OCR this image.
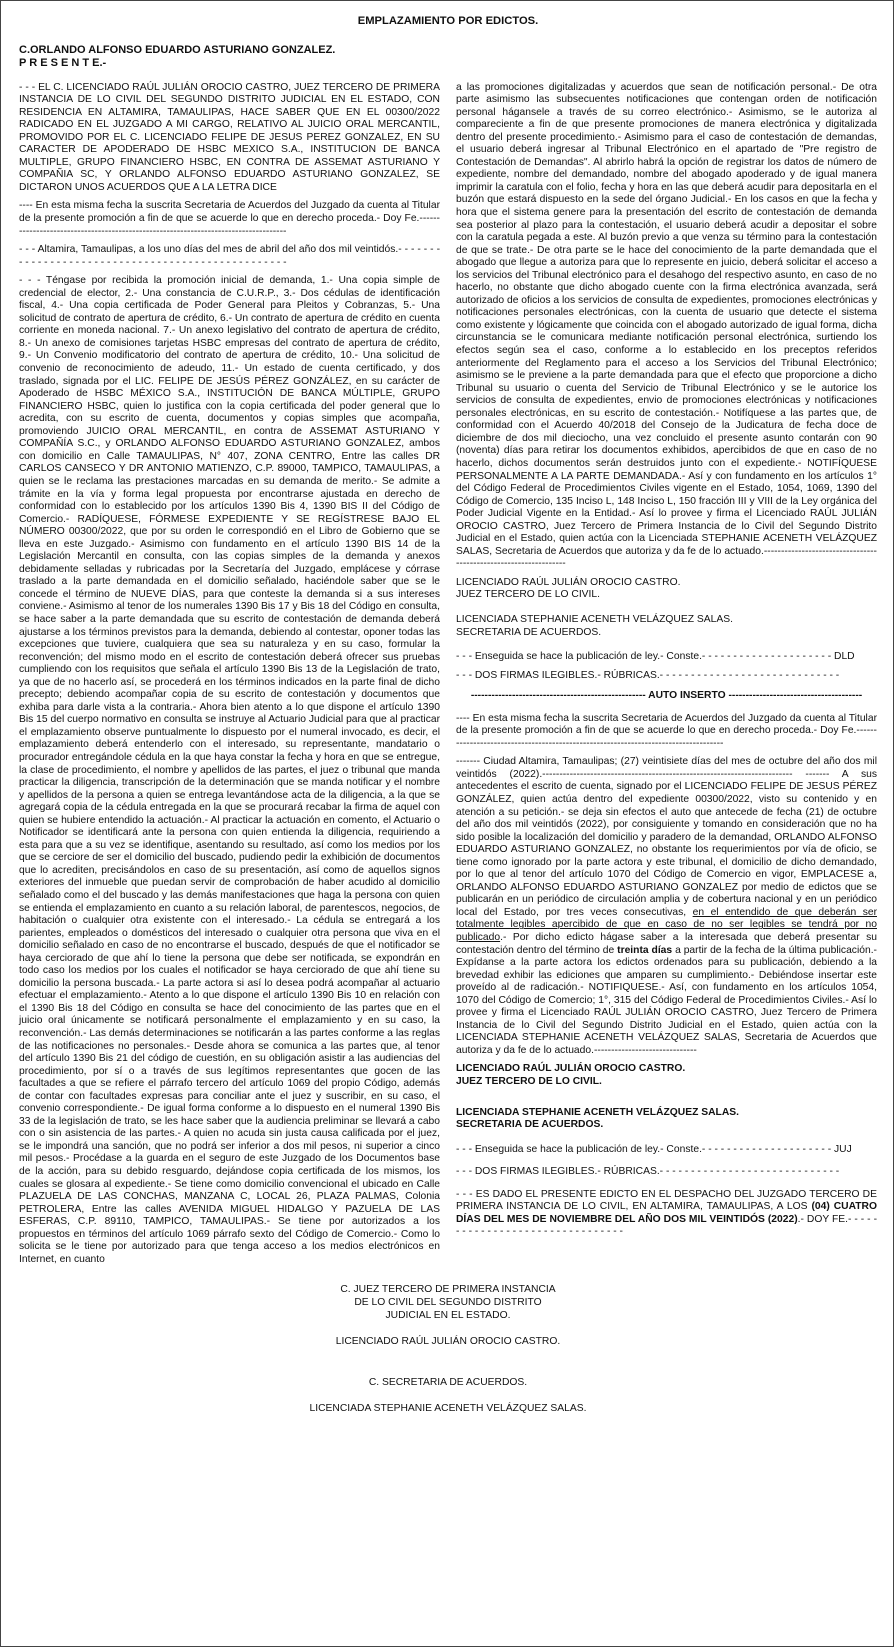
EMPLAZAMIENTO POR EDICTOS.
C.ORLANDO ALFONSO EDUARDO ASTURIANO GONZALEZ.
P R E S E N T E.-

- - - EL C. LICENCIADO RAÚL JULIÁN OROCIO CASTRO, JUEZ TERCERO DE PRIMERA INSTANCIA DE LO CIVIL DEL SEGUNDO DISTRITO JUDICIAL EN EL ESTADO, CON RESIDENCIA EN ALTAMIRA, TAMAULIPAS, HACE SABER QUE EN EL 00300/2022 RADICADO EN EL JUZGADO A MI CARGO, RELATIVO AL JUICIO ORAL MERCANTIL, PROMOVIDO POR EL C. LICENCIADO FELIPE DE JESUS PEREZ GONZALEZ, EN SU CARACTER DE APODERADO DE HSBC MEXICO S.A., INSTITUCION DE BANCA MULTIPLE, GRUPO FINANCIERO HSBC, EN CONTRA DE ASSEMAT ASTURIANO Y COMPAÑIA SC, Y ORLANDO ALFONSO EDUARDO ASTURIANO GONZALEZ, SE DICTARON UNOS ACUERDOS QUE A LA LETRA DICE

---- En esta misma fecha la suscrita Secretaria de Acuerdos del Juzgado da cuenta al Titular de la presente promoción a fin de que se acuerde lo que en derecho proceda.- Doy Fe.------------------------------------------------------------------------------------

- - - Altamira, Tamaulipas, a los uno días del mes de abril del año dos mil veintidós.- - - - - - - - - - - - - - - - - - - - - - - - - - - - - - - - - - - - - - - - - - - - - - - - - -

- - - Téngase por recibida la promoción inicial de demanda, 1.- Una copia simple de credencial de elector, 2.- Una constancia de C.U.R.P., 3.- Dos cédulas de identificación fiscal, 4.- Una copia certificada de Poder General para Pleitos y Cobranzas, 5.- Una solicitud de contrato de apertura de crédito, 6.- Un contrato de apertura de crédito en cuenta corriente en moneda nacional. 7.- Un anexo legislativo del contrato de apertura de crédito, 8.- Un anexo de comisiones tarjetas HSBC empresas del contrato de apertura de crédito, 9.- Un Convenio modificatorio del contrato de apertura de crédito, 10.- Una solicitud de convenio de reconocimiento de adeudo, 11.- Un estado de cuenta certificado, y dos traslado, signada por el LIC. FELIPE DE JESÚS PÉREZ GONZÁLEZ, en su carácter de Apoderado de HSBC MÉXICO S.A., INSTITUCIÓN DE BANCA MÚLTIPLE, GRUPO FINANCIERO HSBC, quien lo justifica con la copia certificada del poder general que lo acredita, con su escrito de cuenta, documentos y copias simples que acompaña, promoviendo JUICIO ORAL MERCANTIL, en contra de ASSEMAT ASTURIANO Y COMPAÑÍA S.C., y ORLANDO ALFONSO EDUARDO ASTURIANO GONZALEZ, ambos con domicilio en Calle TAMAULIPAS, N° 407, ZONA CENTRO, Entre las calles DR CARLOS CANSECO Y DR ANTONIO MATIENZO, C.P. 89000, TAMPICO, TAMAULIPAS, a quien se le reclama las prestaciones marcadas en su demanda de merito.- Se admite a trámite en la vía y forma legal propuesta por encontrarse ajustada en derecho de conformidad con lo establecido por los artículos 1390 Bis 4, 1390 BIS II del Código de Comercio.- RADÍQUESE, FÓRMESE EXPEDIENTE Y SE REGÍSTRESE BAJO EL NÚMERO 00300/2022, que por su orden le correspondió en el Libro de Gobierno que se lleva en este Juzgado.- Asimismo con fundamento en el artículo 1390 BIS 14 de la Legislación Mercantil en consulta, con las copias simples de la demanda y anexos debidamente selladas y rubricadas por la Secretaría del Juzgado, emplácese y córrase traslado a la parte demandada en el domicilio señalado, haciéndole saber que se le concede el término de NUEVE DÍAS, para que conteste la demanda si a sus intereses conviene.- Asimismo al tenor de los numerales 1390 Bis 17 y Bis 18 del Código en consulta, se hace saber a la parte demandada que su escrito de contestación de demanda deberá ajustarse a los términos previstos para la demanda, debiendo al contestar, oponer todas las excepciones que tuviere, cualquiera que sea su naturaleza y en su caso, formular la reconvención; del mismo modo en el escrito de contestación deberá ofrecer sus pruebas cumpliendo con los requisitos que señala el artículo 1390 Bis 13 de la Legislación de trato, ya que de no hacerlo así, se procederá en los términos indicados en la parte final de dicho precepto; debiendo acompañar copia de su escrito de contestación y documentos que exhiba para darle vista a la contraria.- Ahora bien atento a lo que dispone el artículo 1390 Bis 15 del cuerpo normativo en consulta se instruye al Actuario Judicial para que al practicar el emplazamiento observe puntualmente lo dispuesto por el numeral invocado, es decir, el emplazamiento deberá entenderlo con el interesado, su representante, mandatario o procurador entregándole cédula en la que haya constar la fecha y hora en que se entregue, la clase de procedimiento, el nombre y apellidos de las partes, el juez o tribunal que manda practicar la diligencia, transcripción de la determinación que se manda notificar y el nombre y apellidos de la persona a quien se entrega levantándose acta de la diligencia, a la que se agregará copia de la cédula entregada en la que se procurará recabar la firma de aquel con quien se hubiere entendido la actuación.- Al practicar la actuación en comento, el Actuario o Notificador se identificará ante la persona con quien entienda la diligencia, requiriendo a esta para que a su vez se identifique, asentando su resultado, así como los medios por los que se cerciore de ser el domicilio del buscado, pudiendo pedir la exhibición de documentos que lo acrediten, precisándolos en caso de su presentación, así como de aquellos signos exteriores del inmueble que puedan servir de comprobación de haber acudido al domicilio señalado como el del buscado y las demás manifestaciones que haga la persona con quien se entienda el emplazamiento en cuanto a su relación laboral, de parentescos, negocios, de habitación o cualquier otra existente con el interesado.- La cédula se entregará a los parientes, empleados o domésticos del interesado o cualquier otra persona que viva en el domicilio señalado en caso de no encontrarse el buscado, después de que el notificador se haya cerciorado de que ahí lo tiene la persona que debe ser notificada, se expondrán en todo caso los medios por los cuales el notificador se haya cerciorado de que ahí tiene su domicilio la persona buscada.- La parte actora si así lo desea podrá acompañar al actuario efectuar el emplazamiento.- Atento a lo que dispone el artículo 1390 Bis 10 en relación con el 1390 Bis 18 del Código en consulta se hace del conocimiento de las partes que en el juicio oral únicamente se notificará personalmente el emplazamiento y en su caso, la reconvención.- Las demás determinaciones se notificarán a las partes conforme a las reglas de las notificaciones no personales.- Desde ahora se comunica a las partes que, al tenor del artículo 1390 Bis 21 del código de cuestión, en su obligación asistir a las audiencias del procedimiento, por sí o a través de sus legítimos representantes que gocen de las facultades a que se refiere el párrafo tercero del artículo 1069 del propio Código, además de contar con facultades expresas para conciliar ante el juez y suscribir, en su caso, el convenio correspondiente.- De igual forma conforme a lo dispuesto en el numeral 1390 Bis 33 de la legislación de trato, se les hace saber que la audiencia preliminar se llevará a cabo con o sin asistencia de las partes.- A quien no acuda sin justa causa calificada por el juez, se le impondrá una sanción, que no podrá ser inferior a dos mil pesos, ni superior a cinco mil pesos.- Procédase a la guarda en el seguro de este Juzgado de los Documentos base de la acción, para su debido resguardo, dejándose copia certificada de los mismos, los cuales se glosara al expediente.- Se tiene como domicilio convencional el ubicado en Calle PLAZUELA DE LAS CONCHAS, MANZANA C, LOCAL 26, PLAZA PALMAS, Colonia PETROLERA, Entre las calles AVENIDA MIGUEL HIDALGO Y PAZUELA DE LAS ESFERAS, C.P. 89110, TAMPICO, TAMAULIPAS.- Se tiene por autorizados a los propuestos en términos del artículo 1069 párrafo sexto del Código de Comercio.- Como lo solicita se le tiene por autorizado para que tenga acceso a los medios electrónicos en Internet, en cuanto

a las promociones digitalizadas y acuerdos que sean de notificación personal.- De otra parte asimismo las subsecuentes notificaciones que contengan orden de notificación personal hágansele a través de su correo electrónico.- Asimismo, se le autoriza al compareciente a fin de que presente promociones de manera electrónica y digitalizada dentro del presente procedimiento.- Asimismo para el caso de contestación de demandas, el usuario deberá ingresar al Tribunal Electrónico en el apartado de "Pre registro de Contestación de Demandas". Al abrirlo habrá la opción de registrar los datos de número de expediente, nombre del demandado, nombre del abogado apoderado y de igual manera imprimir la caratula con el folio, fecha y hora en las que deberá acudir para depositarla en el buzón que estará dispuesto en la sede del órgano Judicial.- En los casos en que la fecha y hora que el sistema genere para la presentación del escrito de contestación de demanda sea posterior al plazo para la contestación, el usuario deberá acudir a depositar el sobre con la caratula pegada a este. Al buzón previo a que venza su término para la contestación de que se trate.- De otra parte se le hace del conocimiento de la parte demandada que el abogado que llegue a autoriza para que lo represente en juicio, deberá solicitar el acceso a los servicios del Tribunal electrónico para el desahogo del respectivo asunto, en caso de no hacerlo, no obstante que dicho abogado cuente con la firma electrónica avanzada, será autorizado de oficios a los servicios de consulta de expedientes, promociones electrónicas y notificaciones personales electrónicas, con la cuenta de usuario que detecte el sistema como existente y lógicamente que coincida con el abogado autorizado de igual forma, dicha circunstancia se le comunicara mediante notificación personal electrónica, surtiendo los efectos según sea el caso, conforme a lo establecido en los preceptos referidos anteriormente del Reglamento para el acceso a los Servicios del Tribunal Electrónico; asimismo se le previene a la parte demandada para que el efecto que proporcione a dicho Tribunal su usuario o cuenta del Servicio de Tribunal Electrónico y se le autorice los servicios de consulta de expedientes, envio de promociones electrónicas y notificaciones personales electrónicas, en su escrito de contestación.- Notifíquese a las partes que, de conformidad con el Acuerdo 40/2018 del Consejo de la Judicatura de fecha doce de diciembre de dos mil dieciocho, una vez concluido el presente asunto contarán con 90 (noventa) días para retirar los documentos exhibidos, apercibidos de que en caso de no hacerlo, dichos documentos serán destruidos junto con el expediente.- NOTIFÍQUESE PERSONALMENTE A LA PARTE DEMANDADA.- Así y con fundamento en los artículos 1° del Código Federal de Procedimientos Civiles vigente en el Estado, 1054, 1069, 1390 del Código de Comercio, 135 Inciso L, 148 Inciso L, 150 fracción III y VIII de la Ley orgánica del Poder Judicial Vigente en la Entidad.- Así lo provee y firma el Licenciado RAÚL JULIÁN OROCIO CASTRO, Juez Tercero de Primera Instancia de lo Civil del Segundo Distrito Judicial en el Estado, quien actúa con la Licenciada STEPHANIE ACENETH VELÁZQUEZ SALAS, Secretaria de Acuerdos que autoriza y da fe de lo actuado.-----------------------------------------------------------------

LICENCIADO RAÚL JULIÁN OROCIO CASTRO.
JUEZ TERCERO DE LO CIVIL.

LICENCIADA STEPHANIE ACENETH VELÁZQUEZ SALAS.
SECRETARIA DE ACUERDOS.

- - - Enseguida se hace la publicación de ley.- Conste.- - - - - - - - - - - - - - - - - - - - - DLD

- - - DOS FIRMAS ILEGIBLES.- RÚBRICAS.- - - - - - - - - - - - - - - - - - - - - - - - - - - - -

--------------------------------------------------- AUTO INSERTO ---------------------------------------

---- En esta misma fecha la suscrita Secretaria de Acuerdos del Juzgado da cuenta al Titular de la presente promoción a fin de que se acuerde lo que en derecho proceda.- Doy Fe.------------------------------------------------------------------------------------

------- Ciudad Altamira, Tamaulipas; (27) veintisiete días del mes de octubre del año dos mil veintidós (2022).------------------------------------------------------------------------- ------- A sus antecedentes el escrito de cuenta, signado por el LICENCIADO FELIPE DE JESUS PÉREZ GONZÁLEZ, quien actúa dentro del expediente 00300/2022, visto su contenido y en atención a su petición.- se deja sin efectos el auto que antecede de fecha (21) de octubre del año dos mil veintidós (2022), por consiguiente y tomando en consideración que no ha sido posible la localización del domicilio y paradero de la demandad, ORLANDO ALFONSO EDUARDO ASTURIANO GONZALEZ, no obstante los requerimientos por vía de oficio, se tiene como ignorado por la parte actora y este tribunal, el domicilio de dicho demandado, por lo que al tenor del artículo 1070 del Código de Comercio en vigor, EMPLACESE a, ORLANDO ALFONSO EDUARDO ASTURIANO GONZALEZ por medio de edictos que se publicarán en un periódico de circulación amplia y de cobertura nacional y en un periódico local del Estado, por tres veces consecutivas, en el entendido de que deberán ser totalmente legibles apercibido de que en caso de no ser legibles se tendrá por no publicado.- Por dicho edicto hágase saber a la interesada que deberá presentar su contestación dentro del término de treinta días a partir de la fecha de la última publicación.- Expídanse a la parte actora los edictos ordenados para su publicación, debiendo a la brevedad exhibir las ediciones que amparen su cumplimiento.- Debiéndose insertar este proveído al de radicación.- NOTIFIQUESE.- Así, con fundamento en los artículos 1054, 1070 del Código de Comercio; 1°, 315 del Código Federal de Procedimientos Civiles.- Así lo provee y firma el Licenciado RAÚL JULIÁN OROCIO CASTRO, Juez Tercero de Primera Instancia de lo Civil del Segundo Distrito Judicial en el Estado, quien actúa con la LICENCIADA STEPHANIE ACENETH VELÁZQUEZ SALAS, Secretaria de Acuerdos que autoriza y da fe de lo actuado.------------------------------

LICENCIADO RAÚL JULIÁN OROCIO CASTRO.
JUEZ TERCERO DE LO CIVIL.

LICENCIADA STEPHANIE ACENETH VELÁZQUEZ SALAS.
SECRETARIA DE ACUERDOS.

- - - Enseguida se hace la publicación de ley.- Conste.- - - - - - - - - - - - - - - - - - - - - JUJ

- - - DOS FIRMAS ILEGIBLES.- RÚBRICAS.- - - - - - - - - - - - - - - - - - - - - - - - - - - - -

- - - ES DADO EL PRESENTE EDICTO EN EL DESPACHO DEL JUZGADO TERCERO DE PRIMERA INSTANCIA DE LO CIVIL, EN ALTAMIRA, TAMAULIPAS, A LOS (04) CUATRO DÍAS DEL MES DE NOVIEMBRE DEL AÑO DOS MIL VEINTIDÓS (2022).- DOY FE.- - - - - - - - - - - - - - - - - - - - - - - - - - - - - - - -

C. JUEZ TERCERO DE PRIMERA INSTANCIA
DE LO CIVIL DEL SEGUNDO DISTRITO
JUDICIAL EN EL ESTADO.
LICENCIADO RAÚL JULIÁN OROCIO CASTRO.
C. SECRETARIA DE ACUERDOS.
LICENCIADA STEPHANIE ACENETH VELÁZQUEZ SALAS.
